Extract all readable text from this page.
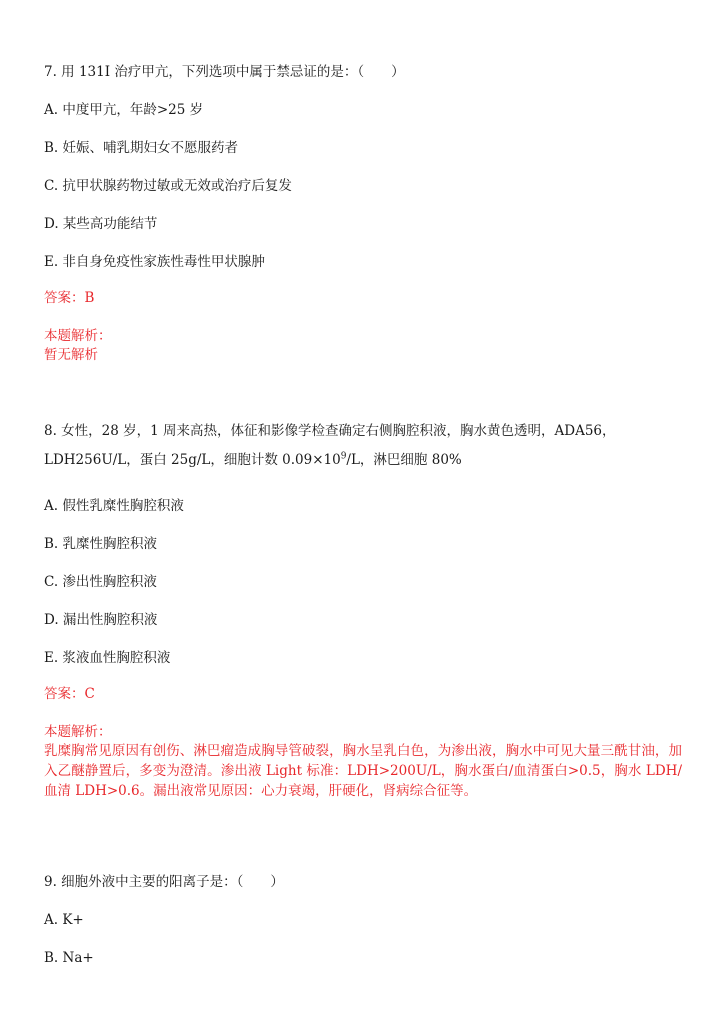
7. 用 131I 治疗甲亢，下列选项中属于禁忌证的是：（　　）
A. 中度甲亢，年龄>25 岁
B. 妊娠、哺乳期妇女不愿服药者
C. 抗甲状腺药物过敏或无效或治疗后复发
D. 某些高功能结节
E. 非自身免疫性家族性毒性甲状腺肿
答案：B
本题解析：
暂无解析
8. 女性，28 岁，1 周来高热，体征和影像学检查确定右侧胸腔积液，胸水黄色透明，ADA56，
LDH256U/L，蛋白 25g/L，细胞计数 $0.09\times 10^9/L$，淋巴细胞 80%
A. 假性乳糜性胸腔积液
B. 乳糜性胸腔积液
C. 渗出性胸腔积液
D. 漏出性胸腔积液
E. 浆液血性胸腔积液
答案：C
本题解析：
乳糜胸常见原因有创伤、淋巴瘤造成胸导管破裂，胸水呈乳白色，为渗出液，胸水中可见大量三酰甘油，加入乙醚静置后，多变为澄清。渗出液 Light 标准：LDH>200U/L，胸水蛋白/血清蛋白>0.5，胸水 LDH/血清 LDH>0.6。漏出液常见原因：心力衰竭，肝硬化，肾病综合征等。
9. 细胞外液中主要的阳离子是：（　　）
A. K+
B. Na+
